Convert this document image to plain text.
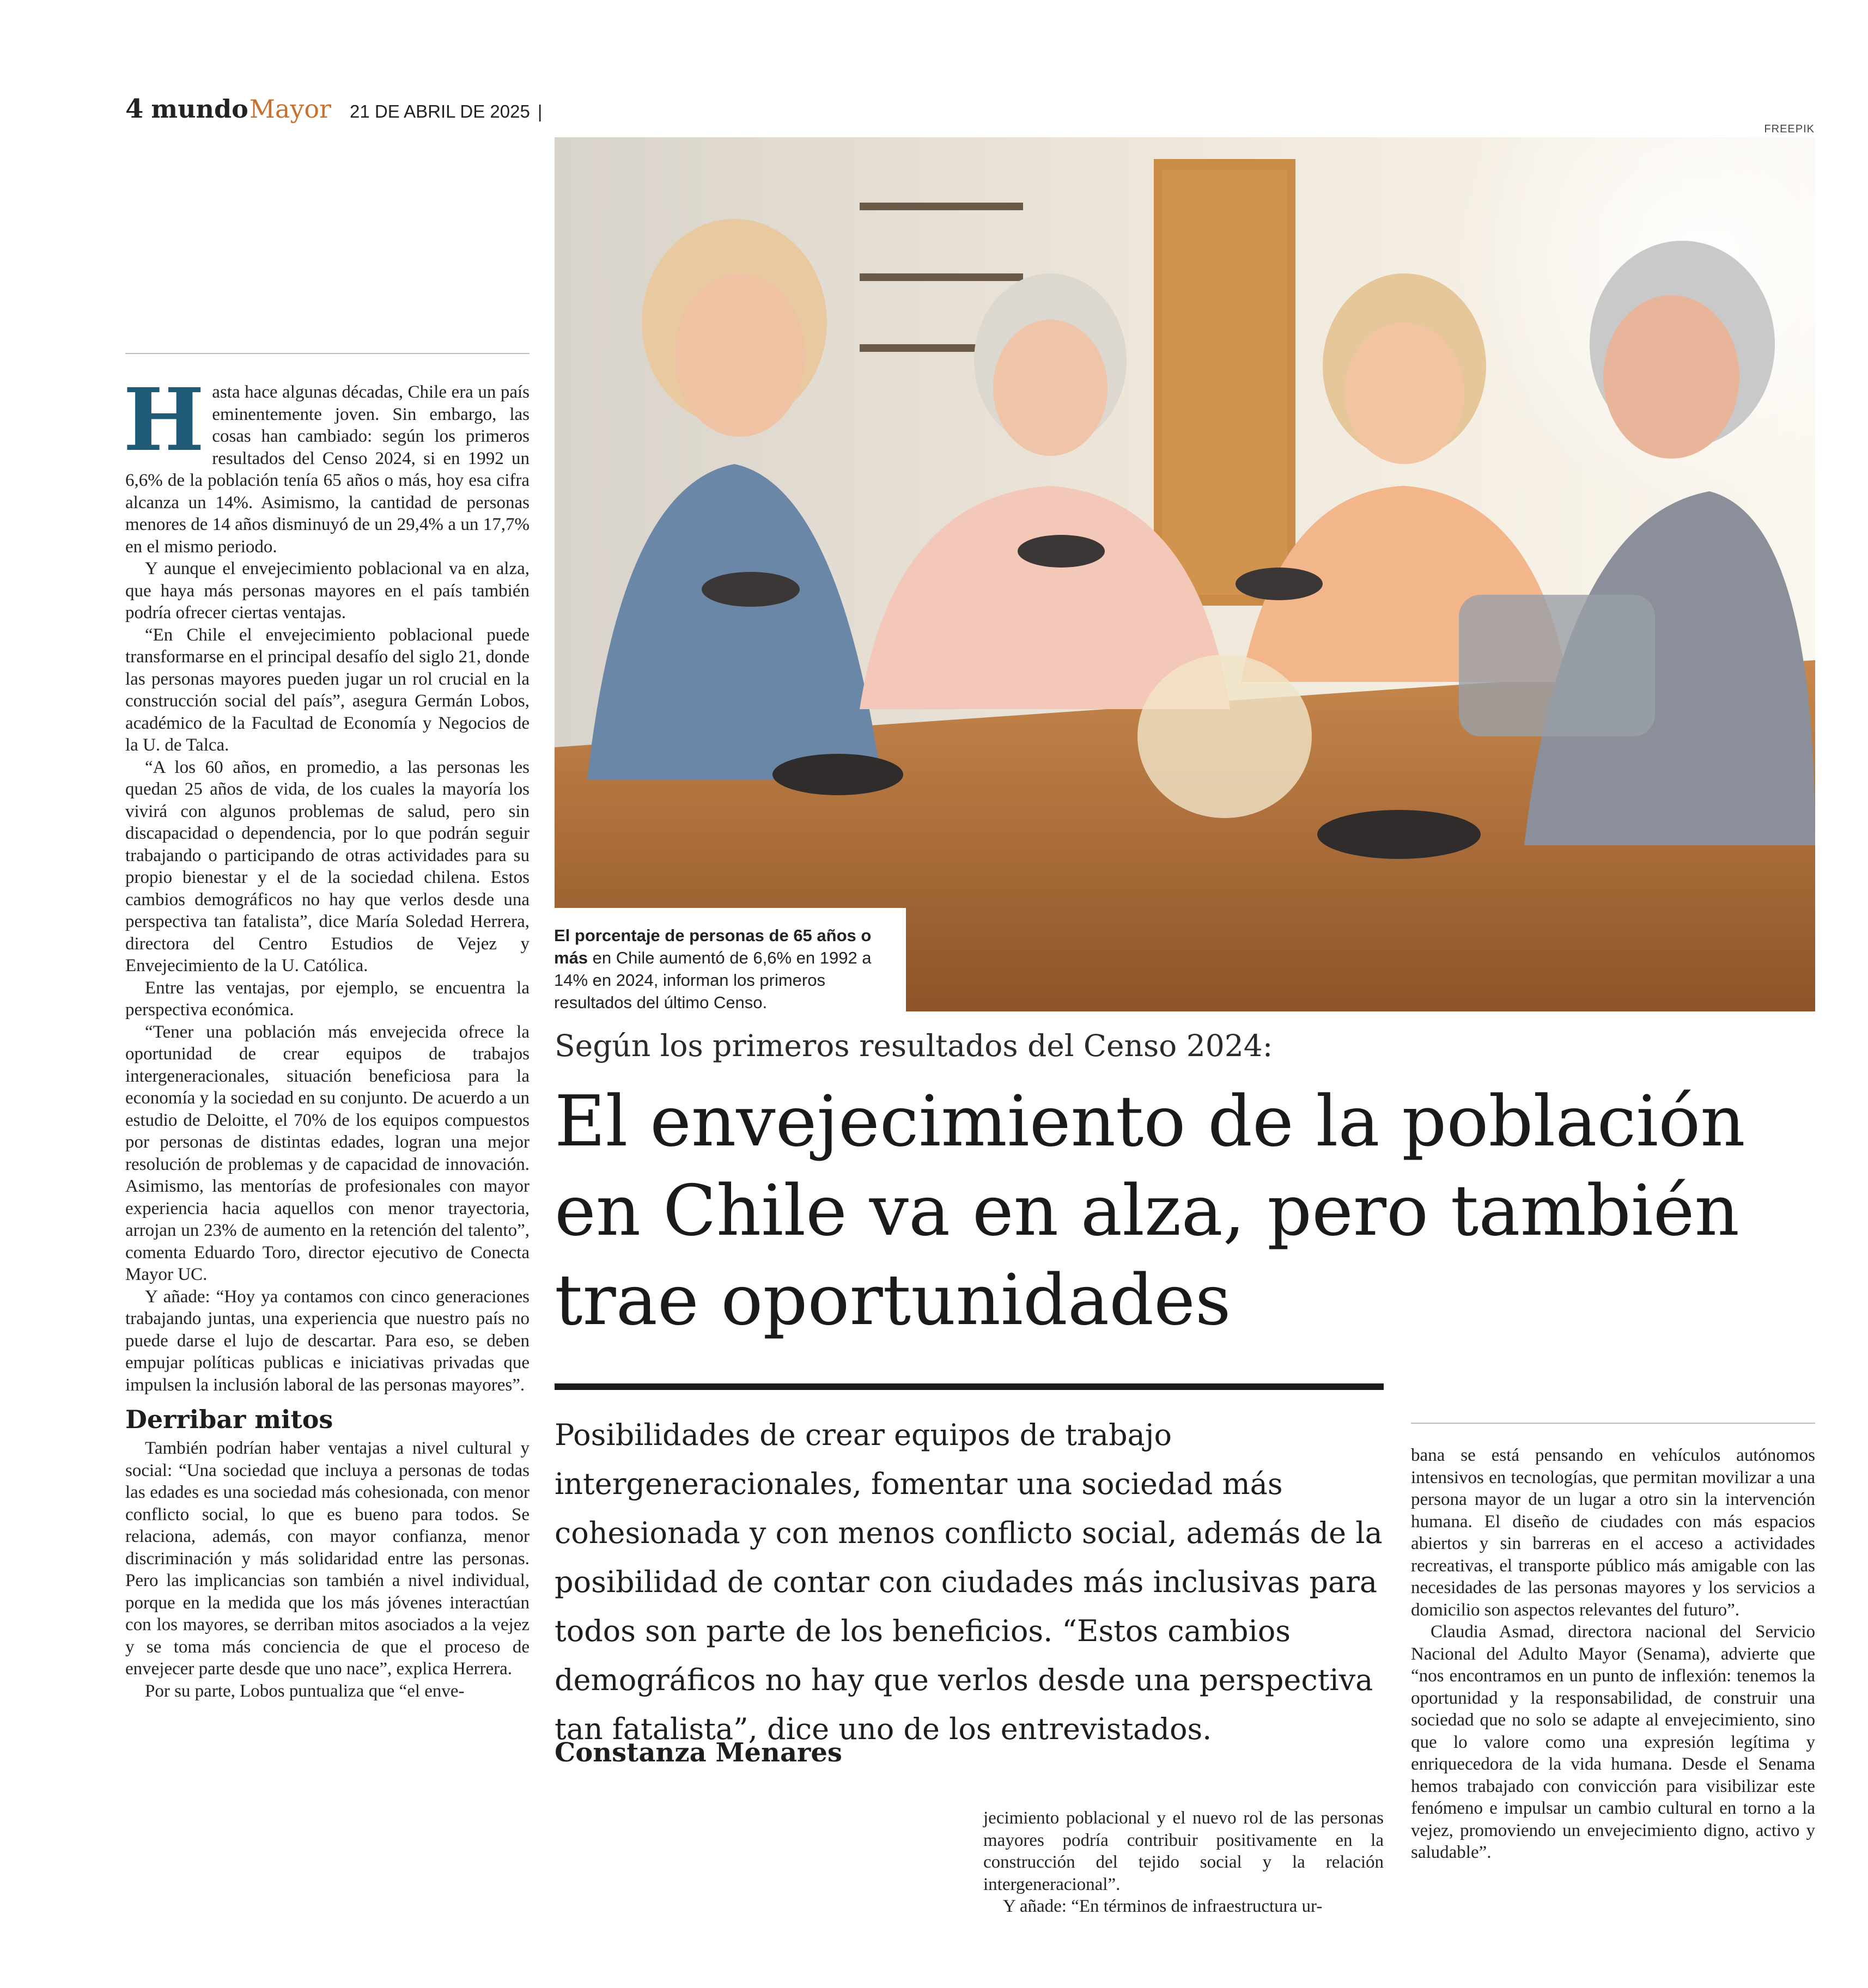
4 mundo Mayor 21 DE ABRIL DE 2025 |
FREEPIK
El porcentaje de personas de 65 años o más en Chile aumentó de 6,6% en 1992 a 14% en 2024, informan los primeros resultados del último Censo.
H asta hace algunas décadas, Chile era un país eminentemente joven. Sin embargo, las cosas han cambiado: según los primeros resultados del Censo 2024, si en 1992 un 6,6% de la población tenía 65 años o más, hoy esa cifra alcanza un 14%. Asimismo, la cantidad de personas menores de 14 años disminuyó de un 29,4% a un 17,7% en el mismo periodo.

Y aunque el envejecimiento poblacional va en alza, que haya más personas mayores en el país también podría ofrecer ciertas ventajas.

“En Chile el envejecimiento poblacional puede transformarse en el principal desafío del siglo 21, donde las personas mayores pueden jugar un rol crucial en la construcción social del país”, asegura Germán Lobos, académico de la Facultad de Economía y Negocios de la U. de Talca.

“A los 60 años, en promedio, a las personas les quedan 25 años de vida, de los cuales la mayoría los vivirá con algunos problemas de salud, pero sin discapacidad o dependencia, por lo que podrán seguir trabajando o participando de otras actividades para su propio bienestar y el de la sociedad chilena. Estos cambios demográficos no hay que verlos desde una perspectiva tan fatalista”, dice María Soledad Herrera, directora del Centro Estudios de Vejez y Envejecimiento de la U. Católica.

Entre las ventajas, por ejemplo, se encuentra la perspectiva económica.

“Tener una población más envejecida ofrece la oportunidad de crear equipos de trabajos intergeneracionales, situación beneficiosa para la economía y la sociedad en su conjunto. De acuerdo a un estudio de Deloitte, el 70% de los equipos compuestos por personas de distintas edades, logran una mejor resolución de problemas y de capacidad de innovación. Asimismo, las mentorías de profesionales con mayor experiencia hacia aquellos con menor trayectoria, arrojan un 23% de aumento en la retención del talento”, comenta Eduardo Toro, director ejecutivo de Conecta Mayor UC.

Y añade: “Hoy ya contamos con cinco generaciones trabajando juntas, una experiencia que nuestro país no puede darse el lujo de descartar. Para eso, se deben empujar políticas publicas e iniciativas privadas que impulsen la inclusión laboral de las personas mayores”.

Derribar mitos

También podrían haber ventajas a nivel cultural y social: “Una sociedad que incluya a personas de todas las edades es una sociedad más cohesionada, con menor conflicto social, lo que es bueno para todos. Se relaciona, además, con mayor confianza, menor discriminación y más solidaridad entre las personas. Pero las implicancias son también a nivel individual, porque en la medida que los más jóvenes interactúan con los mayores, se derriban mitos asociados a la vejez y se toma más conciencia de que el proceso de envejecer parte desde que uno nace”, explica Herrera.

Por su parte, Lobos puntualiza que “el enve-

Según los primeros resultados del Censo 2024:
El envejecimiento de la población en Chile va en alza, pero también trae oportunidades

Posibilidades de crear equipos de trabajo intergeneracionales, fomentar una sociedad más cohesionada y con menos conflicto social, además de la posibilidad de contar con ciudades más inclusivas para todos son parte de los beneficios. “Estos cambios demográficos no hay que verlos desde una perspectiva tan fatalista”, dice uno de los entrevistados.

Constanza Menares

jecimiento poblacional y el nuevo rol de las personas mayores podría contribuir positivamente en la construcción del tejido social y la relación intergeneracional”.

Y añade: “En términos de infraestructura ur-

bana se está pensando en vehículos autónomos intensivos en tecnologías, que permitan movilizar a una persona mayor de un lugar a otro sin la intervención humana. El diseño de ciudades con más espacios abiertos y sin barreras en el acceso a actividades recreativas, el transporte público más amigable con las necesidades de las personas mayores y los servicios a domicilio son aspectos relevantes del futuro”.

Claudia Asmad, directora nacional del Servicio Nacional del Adulto Mayor (Senama), advierte que “nos encontramos en un punto de inflexión: tenemos la oportunidad y la responsabilidad, de construir una sociedad que no solo se adapte al envejecimiento, sino que lo valore como una expresión legítima y enriquecedora de la vida humana. Desde el Senama hemos trabajado con convicción para visibilizar este fenómeno e impulsar un cambio cultural en torno a la vejez, promoviendo un envejecimiento digno, activo y saludable”.
